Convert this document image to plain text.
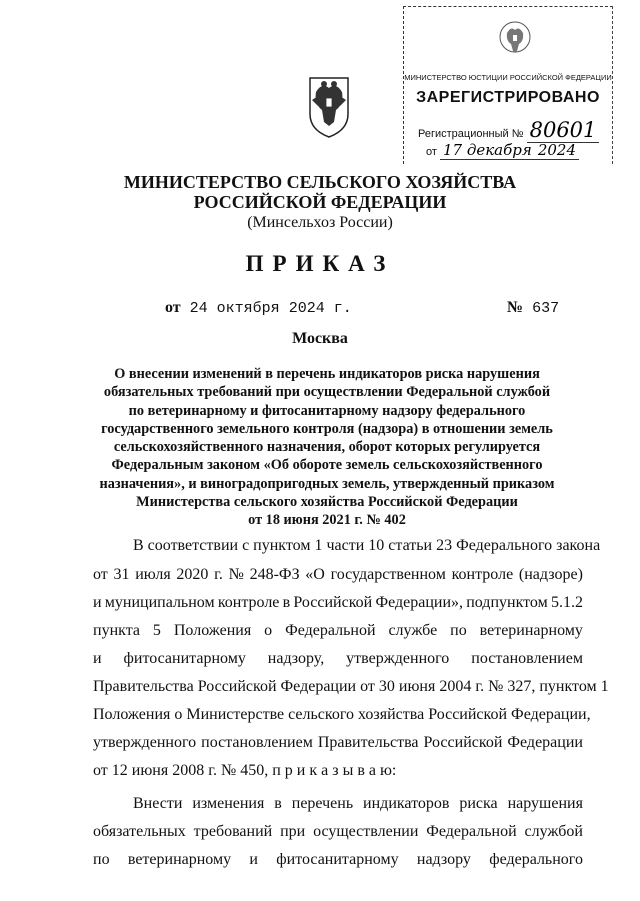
МИНИСТЕРСТВО ЮСТИЦИИ РОССИЙСКОЙ ФЕДЕРАЦИИ
ЗАРЕГИСТРИРОВАНО
Регистрационный № 80601
от 17 декабря 2024
МИНИСТЕРСТВО СЕЛЬСКОГО ХОЗЯЙСТВА
РОССИЙСКОЙ ФЕДЕРАЦИИ
(Минсельхоз России)
ПРИКАЗ
от 24 октября 2024 г.	№ 637
Москва
О внесении изменений в перечень индикаторов риска нарушения
обязательных требований при осуществлении Федеральной службой
по ветеринарному и фитосанитарному надзору федерального
государственного земельного контроля (надзора) в отношении земель
сельскохозяйственного назначения, оборот которых регулируется
Федеральным законом «Об обороте земель сельскохозяйственного
назначения», и виноградопригодных земель, утвержденный приказом
Министерства сельского хозяйства Российской Федерации
от 18 июня 2021 г. № 402
В соответствии с пунктом 1 части 10 статьи 23 Федерального закона
от 31 июля 2020 г. № 248-ФЗ «О государственном контроле (надзоре)
и муниципальном контроле в Российской Федерации», подпунктом 5.1.2
пункта 5 Положения о Федеральной службе по ветеринарному
и фитосанитарному надзору, утвержденного постановлением
Правительства Российской Федерации от 30 июня 2004 г. № 327, пунктом 1
Положения о Министерстве сельского хозяйства Российской Федерации,
утвержденного постановлением Правительства Российской Федерации
от 12 июня 2008 г. № 450, п р и к а з ы в а ю:
Внести изменения в перечень индикаторов риска нарушения
обязательных требований при осуществлении Федеральной службой
по ветеринарному и фитосанитарному надзору федерального
